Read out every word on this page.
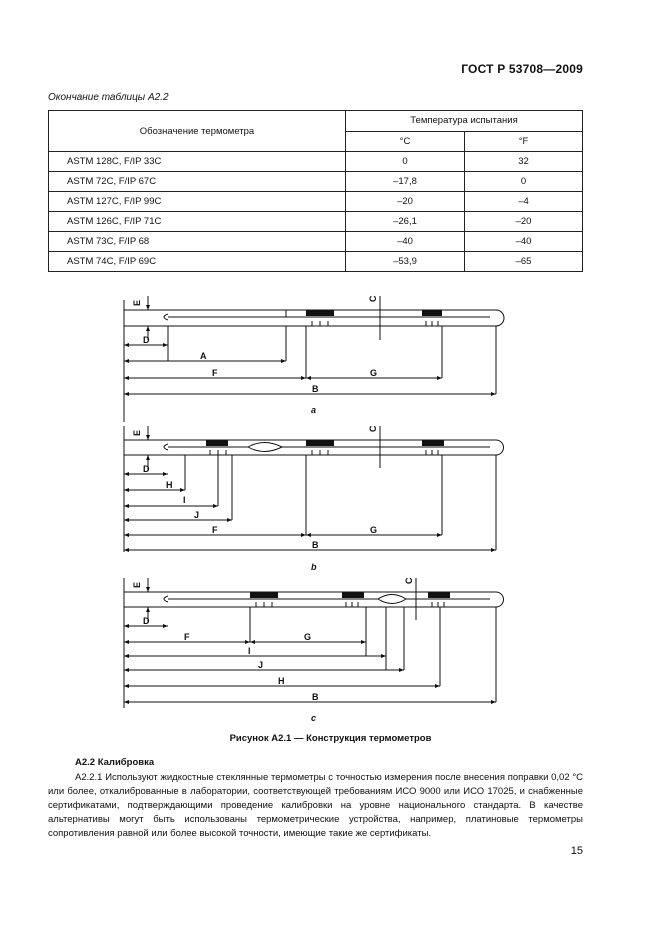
ГОСТ Р 53708—2009
Окончание таблицы А2.2
Обозначение термометра	Температура испытания	
	°C	°F
ASTM 128C, F/IP 33C	0	32
ASTM 72C, F/IP 67C	–17,8	0
ASTM 127C, F/IP 99C	–20	–4
ASTM 126C, F/IP 71C	–26,1	–20
ASTM 73C, F/IP 68	–40	–40
ASTM 74C, F/IP 69C	–53,9	–65
E
D
A
F	G
C
B
a
E
D
H
I
J
F	G
C
B
b
E
D
F	G
I
J
H
C
B
c
Рисунок А2.1 — Конструкция термометров
А2.2 Калибровка

А2.2.1 Используют жидкостные стеклянные термометры с точностью измерения после внесения поправки 0,02 °С или более, откалиброванные в лаборатории, соответствующей требованиям ИСО 9000 или ИСО 17025, и снабженные сертификатами, подтверждающими проведение калибровки на уровне национального стандарта. В качестве альтернативы могут быть использованы термометрические устройства, например, платиновые термометры сопротивления равной или более высокой точности, имеющие такие же сертификаты.

15
